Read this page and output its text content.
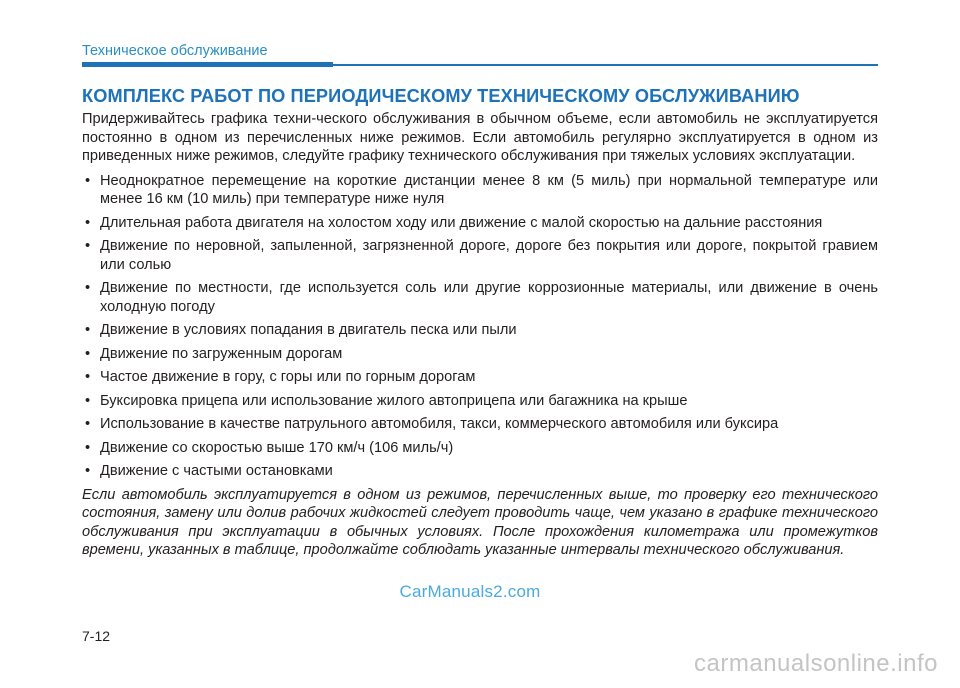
Техническое обслуживание
КОМПЛЕКС РАБОТ ПО ПЕРИОДИЧЕСКОМУ ТЕХНИЧЕСКОМУ ОБСЛУЖИВАНИЮ

Придерживайтесь графика техни-ческого обслуживания в обычном объеме, если автомобиль не эксплуатируется постоянно в одном из перечисленных ниже режимов. Если автомобиль регулярно эксплуатируется в одном из приведенных ниже режимов, следуйте графику технического обслуживания при тяжелых условиях эксплуатации.

• Неоднократное перемещение на короткие дистанции менее 8 км (5 миль) при нормальной температуре или менее 16 км (10 миль) при температуре ниже нуля
• Длительная работа двигателя на холостом ходу или движение с малой скоростью на дальние расстояния
• Движение по неровной, запыленной, загрязненной дороге, дороге без покрытия или дороге, покрытой гравием или солью
• Движение по местности, где используется соль или другие коррозионные материалы, или движение в очень холодную погоду
• Движение в условиях попадания в двигатель песка или пыли
• Движение по загруженным дорогам
• Частое движение в гору, с горы или по горным дорогам
• Буксировка прицепа или использование жилого автоприцепа или багажника на крыше
• Использование в качестве патрульного автомобиля, такси, коммерческого автомобиля или буксира
• Движение со скоростью выше 170 км/ч (106 миль/ч)
• Движение с частыми остановками

Если автомобиль эксплуатируется в одном из режимов, перечисленных выше, то проверку его технического состояния, замену или долив рабочих жидкостей следует проводить чаще, чем указано в графике технического обслуживания при эксплуатации в обычных условиях. После прохождения километража или промежутков времени, указанных в таблице, продолжайте соблюдать указанные интервалы технического обслуживания.

CarManuals2.com
7-12
carmanualsonline.info
